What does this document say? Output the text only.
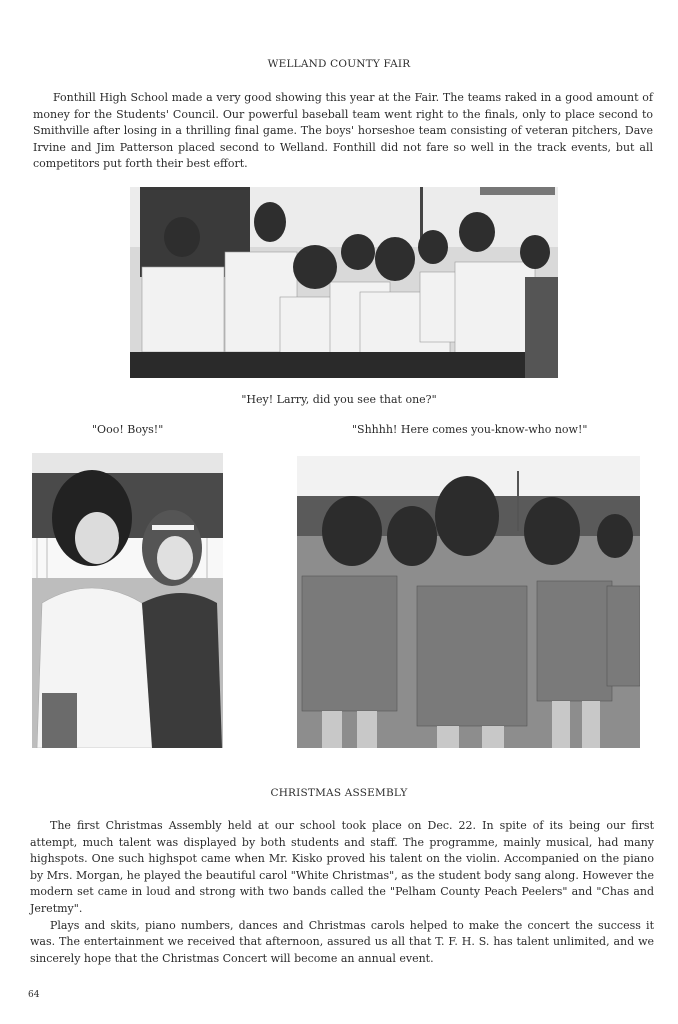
WELLAND COUNTY FAIR

Fonthill High School made a very good showing this year at the Fair. The teams raked in a good amount of money for the Students' Council. Our powerful baseball team went right to the finals, only to place second to Smithville after losing in a thrilling final game. The boys' horseshoe team consisting of veteran pitchers, Dave Irvine and Jim Patterson placed second to Welland. Fonthill did not fare so well in the track events, but all competitors put forth their best effort.

"Hey! Larry, did you see that one?"
"Ooo! Boys!"	"Shhhh! Here comes you-know-who now!"
CHRISTMAS ASSEMBLY

The first Christmas Assembly held at our school took place on Dec. 22. In spite of its being our first attempt, much talent was displayed by both students and staff. The programme, mainly musical, had many highspots. One such highspot came when Mr. Kisko proved his talent on the violin. Accompanied on the piano by Mrs. Morgan, he played the beautiful carol "White Christmas", as the student body sang along. However the modern set came in loud and strong with two bands called the "Pelham County Peach Peelers" and "Chas and Jeretmy".

Plays and skits, piano numbers, dances and Christmas carols helped to make the concert the success it was. The entertainment we received that afternoon, assured us all that T. F. H. S. has talent unlimited, and we sincerely hope that the Christmas Concert will become an annual event.

64
